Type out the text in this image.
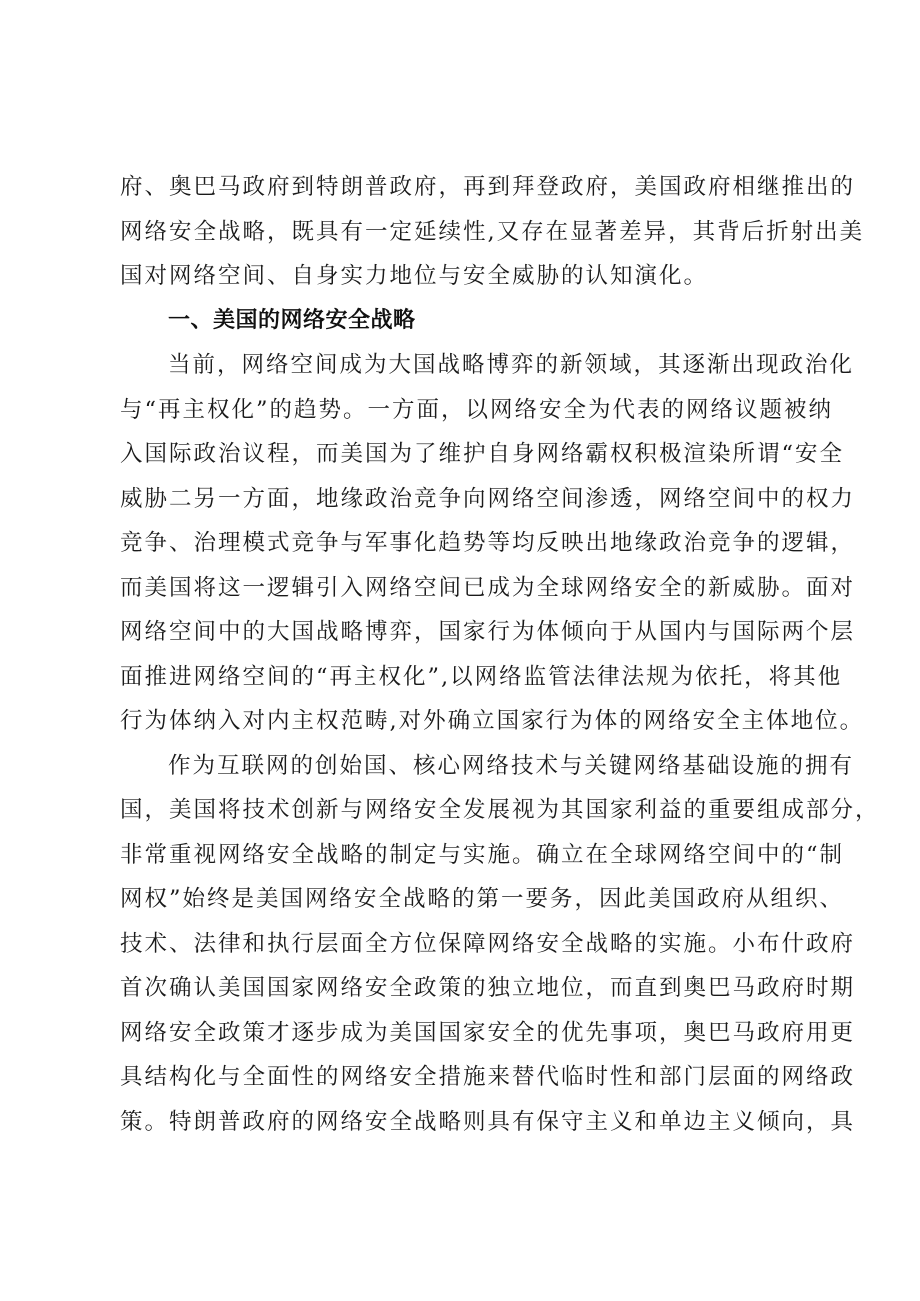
府、奥巴马政府到特朗普政府，再到拜登政府，美国政府相继推出的
网络安全战略，既具有一定延续性,又存在显著差异，其背后折射出美
国对网络空间、自身实力地位与安全威胁的认知演化。
一、美国的网络安全战略
当前，网络空间成为大国战略博弈的新领域，其逐渐出现政治化
与“再主权化”的趋势。一方面，以网络安全为代表的网络议题被纳
入国际政治议程，而美国为了维护自身网络霸权积极渲染所谓“安全
威胁二另一方面，地缘政治竞争向网络空间渗透，网络空间中的权力
竞争、治理模式竞争与军事化趋势等均反映出地缘政治竞争的逻辑，
而美国将这一逻辑引入网络空间已成为全球网络安全的新威胁。面对
网络空间中的大国战略博弈，国家行为体倾向于从国内与国际两个层
面推进网络空间的“再主权化”,以网络监管法律法规为依托，将其他
行为体纳入对内主权范畴,对外确立国家行为体的网络安全主体地位。
作为互联网的创始国、核心网络技术与关键网络基础设施的拥有
国，美国将技术创新与网络安全发展视为其国家利益的重要组成部分，
非常重视网络安全战略的制定与实施。确立在全球网络空间中的“制
网权”始终是美国网络安全战略的第一要务，因此美国政府从组织、
技术、法律和执行层面全方位保障网络安全战略的实施。小布什政府
首次确认美国国家网络安全政策的独立地位，而直到奥巴马政府时期
网络安全政策才逐步成为美国国家安全的优先事项，奥巴马政府用更
具结构化与全面性的网络安全措施来替代临时性和部门层面的网络政
策。特朗普政府的网络安全战略则具有保守主义和单边主义倾向，具
